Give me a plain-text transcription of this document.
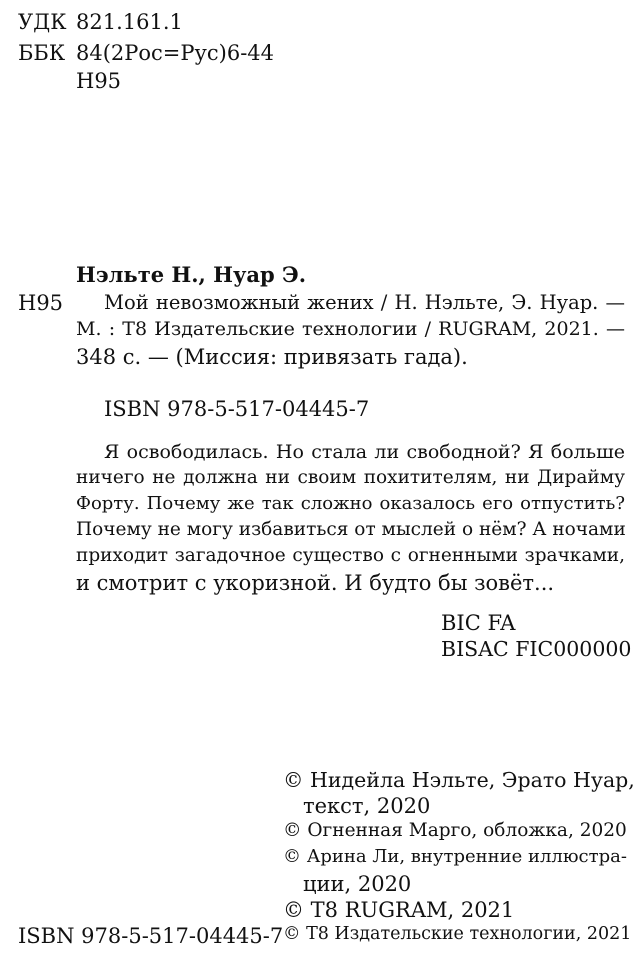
УДК 821.161.1
ББК 84(2Рос=Рус)6-44
Н95
Нэльте Н., Нуар Э.
Н95 Мой невозможный жених / Н. Нэльте, Э. Нуар. —
М. : Т8 Издательские технологии / RUGRAM, 2021. —
348 с. — (Миссия: привязать гада).
ISBN 978-5-517-04445-7
Я освободилась. Но стала ли свободной? Я больше
ничего не должна ни своим похитителям, ни Дирайму
Форту. Почему же так сложно оказалось его отпустить?
Почему не могу избавиться от мыслей о нём? А ночами
приходит загадочное существо с огненными зрачками,
и смотрит с укоризной. И будто бы зовёт...
BIC FA
BISAC FIC000000
© Нидейла Нэльте, Эрато Нуар,
текст, 2020
© Огненная Марго, обложка, 2020
© Арина Ли, внутренние иллюстра-
ции, 2020
© Т8 RUGRAM, 2021
© Т8 Издательские технологии, 2021
ISBN 978-5-517-04445-7
